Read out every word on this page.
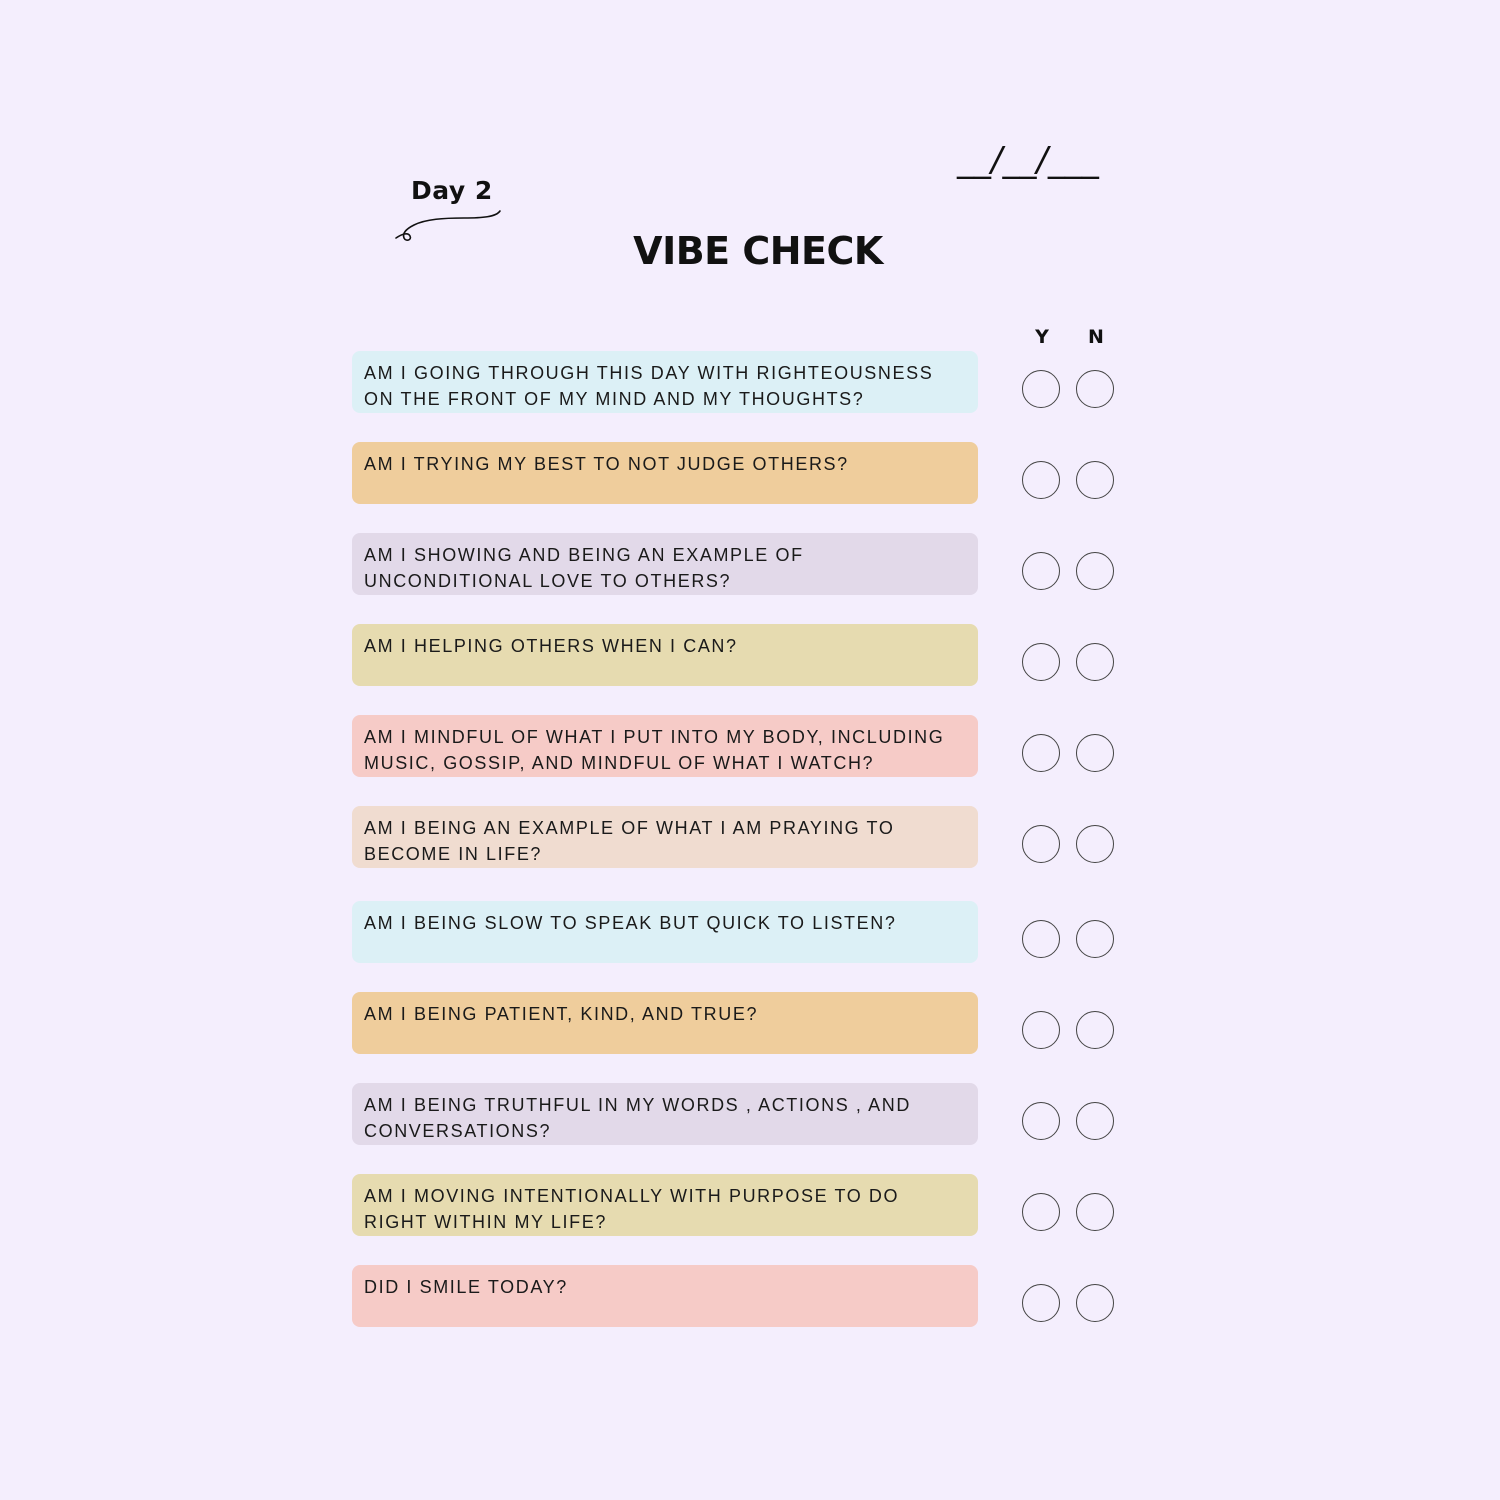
Day 2
__/__/___
VIBE CHECK
Y	N
AM I GOING THROUGH THIS DAY WITH RIGHTEOUSNESS ON THE FRONT OF MY MIND AND MY THOUGHTS?
AM I TRYING MY BEST TO NOT JUDGE OTHERS?
AM I SHOWING AND BEING AN EXAMPLE OF UNCONDITIONAL LOVE TO OTHERS?
AM I HELPING OTHERS WHEN I CAN?
AM I MINDFUL OF WHAT I PUT INTO MY BODY, INCLUDING MUSIC, GOSSIP, AND MINDFUL OF WHAT I WATCH?
AM I BEING AN EXAMPLE OF WHAT I AM PRAYING TO BECOME IN LIFE?
AM I BEING SLOW TO SPEAK BUT QUICK TO LISTEN?
AM I BEING PATIENT, KIND, AND TRUE?
AM I BEING TRUTHFUL IN MY WORDS , ACTIONS , AND CONVERSATIONS?
AM I MOVING INTENTIONALLY WITH PURPOSE TO DO RIGHT WITHIN MY LIFE?
DID I SMILE TODAY?
